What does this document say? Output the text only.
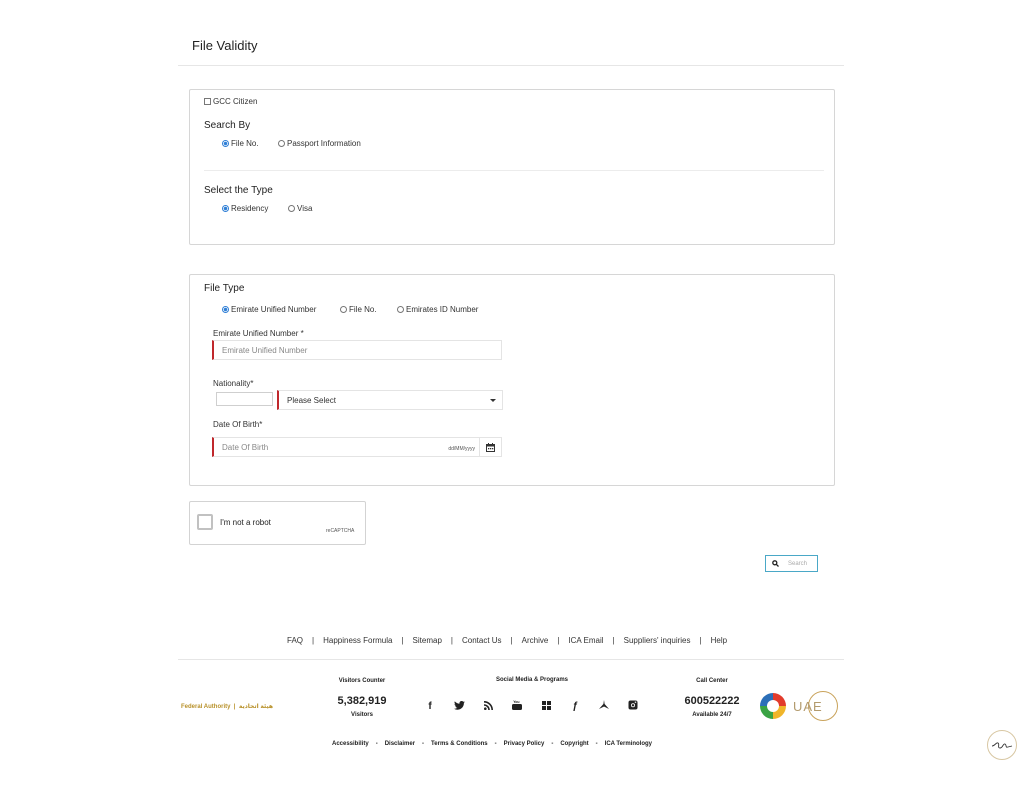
File Validity
GCC Citizen
Search By
File No.	Passport Information
Select the Type
Residency	Visa
File Type
Emirate Unified Number	File No.	Emirates ID Number
Emirate Unified Number *
Emirate Unified Number
Nationality*
Please Select
Date Of Birth*
Date Of Birth	dd/MM/yyyy
I'm not a robot
reCAPTCHA
Search
FAQ | Happiness Formula | Sitemap | Contact Us | Archive | ICA Email | Suppliers' inquiries | Help
Federal Authority  |  هيئة اتحادية
Visitors Counter
5,382,919
Visitors
Social Media & Programs
f	You	ƒ
Call Center
600522222
Available 24/7
UAE
Accessibility - Disclaimer - Terms & Conditions - Privacy Policy - Copyright - ICA Terminology
